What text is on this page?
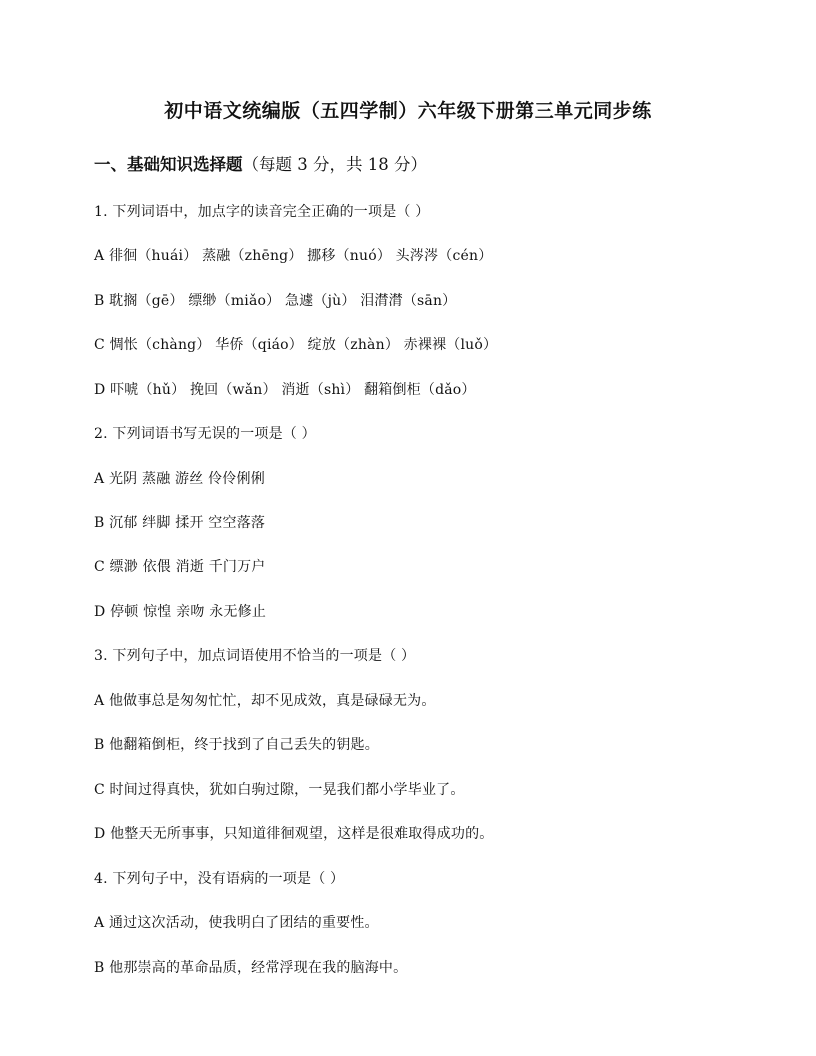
初中语文统编版（五四学制）六年级下册第三单元同步练
一、基础知识选择题（每题 3 分，共 18 分）
1. 下列词语中，加点字的读音完全正确的一项是（ ）
A 徘徊（huái） 蒸融（zhēng） 挪移（nuó） 头涔涔（cén）
B 耽搁（gē） 缥缈（miǎo） 急遽（jù） 泪潸潸（sān）
C 惆怅（chàng） 华侨（qiáo） 绽放（zhàn） 赤裸裸（luǒ）
D 吓唬（hǔ） 挽回（wǎn） 消逝（shì） 翻箱倒柜（dǎo）
2. 下列词语书写无误的一项是（ ）
A 光阴 蒸融 游丝 伶伶俐俐
B 沉郁 绊脚 揉开 空空落落
C 缥渺 依偎 消逝 千门万户
D 停顿 惊惶 亲吻 永无修止
3. 下列句子中，加点词语使用不恰当的一项是（ ）
A 他做事总是匆匆忙忙，却不见成效，真是碌碌无为。
B 他翻箱倒柜，终于找到了自己丢失的钥匙。
C 时间过得真快，犹如白驹过隙，一晃我们都小学毕业了。
D 他整天无所事事，只知道徘徊观望，这样是很难取得成功的。
4. 下列句子中，没有语病的一项是（ ）
A 通过这次活动，使我明白了团结的重要性。
B 他那崇高的革命品质，经常浮现在我的脑海中。
